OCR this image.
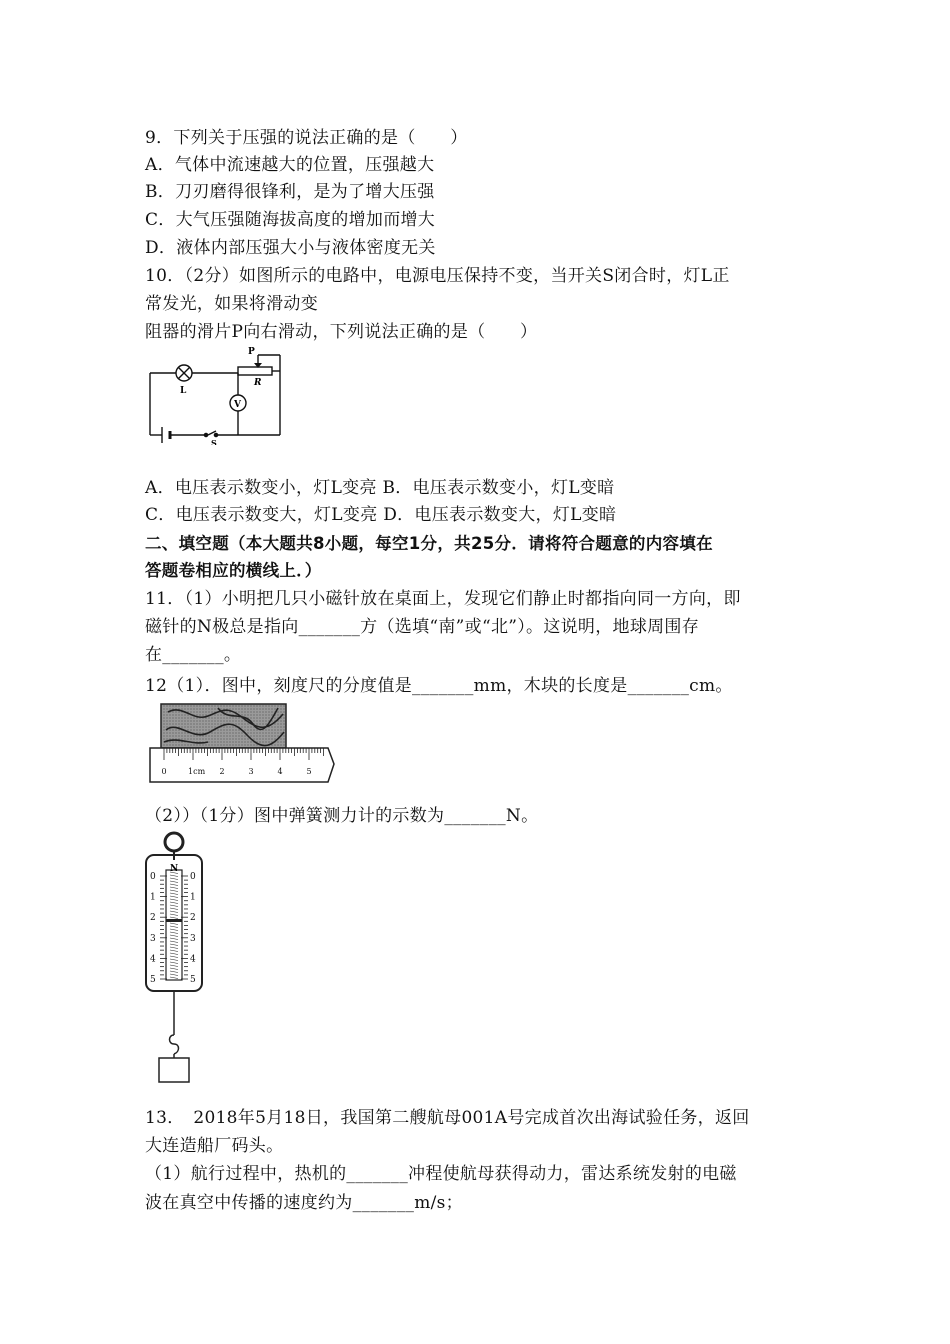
9．下列关于压强的说法正确的是（　　）
A．气体中流速越大的位置，压强越大
B．刀刃磨得很锋利，是为了增大压强
C．大气压强随海拔高度的增加而增大
D．液体内部压强大小与液体密度无关
10．（2分）如图所示的电路中，电源电压保持不变，当开关S闭合时，灯L正
常发光，如果将滑动变
阻器的滑片P向右滑动，下列说法正确的是（　　）
L
P
R
V
S
A．电压表示数变小，灯L变亮 B．电压表示数变小，灯L变暗
C．电压表示数变大，灯L变亮 D．电压表示数变大，灯L变暗
二、填空题（本大题共8小题，每空1分，共25分．请将符合题意的内容填在
答题卷相应的横线上．）
11．（1）小明把几只小磁针放在桌面上，发现它们静止时都指向同一方向，即
磁针的N极总是指向_______方（选填“南”或“北”）。这说明，地球周围存
在_______。
12（1）．图中，刻度尺的分度值是_______mm，木块的长度是_______cm。
0	1cm 2	3	4	5
（2））（1分）图中弹簧测力计的示数为_______N。
N
0	0
1	1
2	2
3	3
4	4
5	5
13．　2018年5月18日，我国第二艘航母001A号完成首次出海试验任务，返回
大连造船厂码头。
（1）航行过程中，热机的_______冲程使航母获得动力，雷达系统发射的电磁
波在真空中传播的速度约为_______m/s；
